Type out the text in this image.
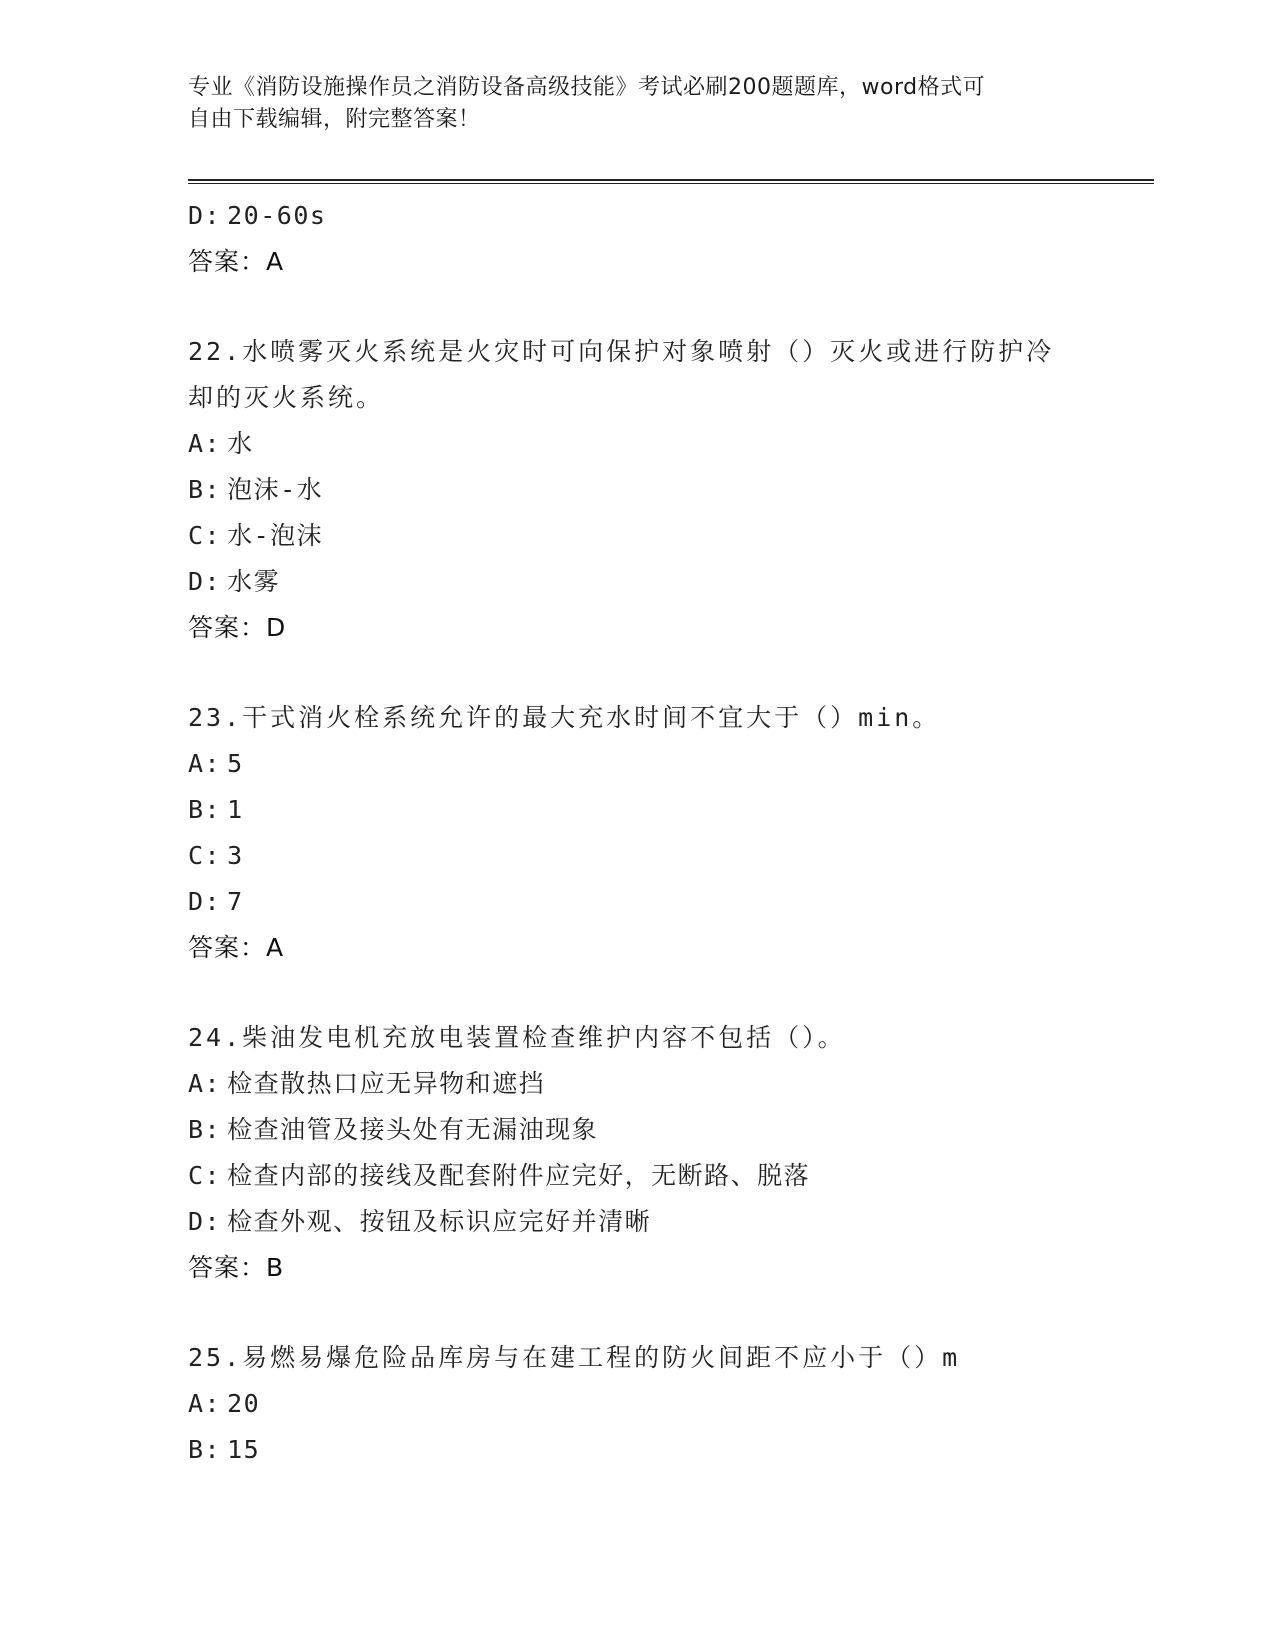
专业《消防设施操作员之消防设备高级技能》考试必刷200题题库，word格式可
自由下载编辑，附完整答案！
D: 20-60s
答案：A
22.水喷雾灭火系统是火灾时可向保护对象喷射（）灭火或进行防护冷却的灭火系统。
A: 水
B: 泡沫-水
C: 水-泡沫
D: 水雾
答案：D
23.干式消火栓系统允许的最大充水时间不宜大于（）min。
A: 5
B: 1
C: 3
D: 7
答案：A
24.柴油发电机充放电装置检查维护内容不包括（）。
A: 检查散热口应无异物和遮挡
B: 检查油管及接头处有无漏油现象
C: 检查内部的接线及配套附件应完好，无断路、脱落
D: 检查外观、按钮及标识应完好并清晰
答案：B
25.易燃易爆危险品库房与在建工程的防火间距不应小于（）m
A: 20
B: 15
